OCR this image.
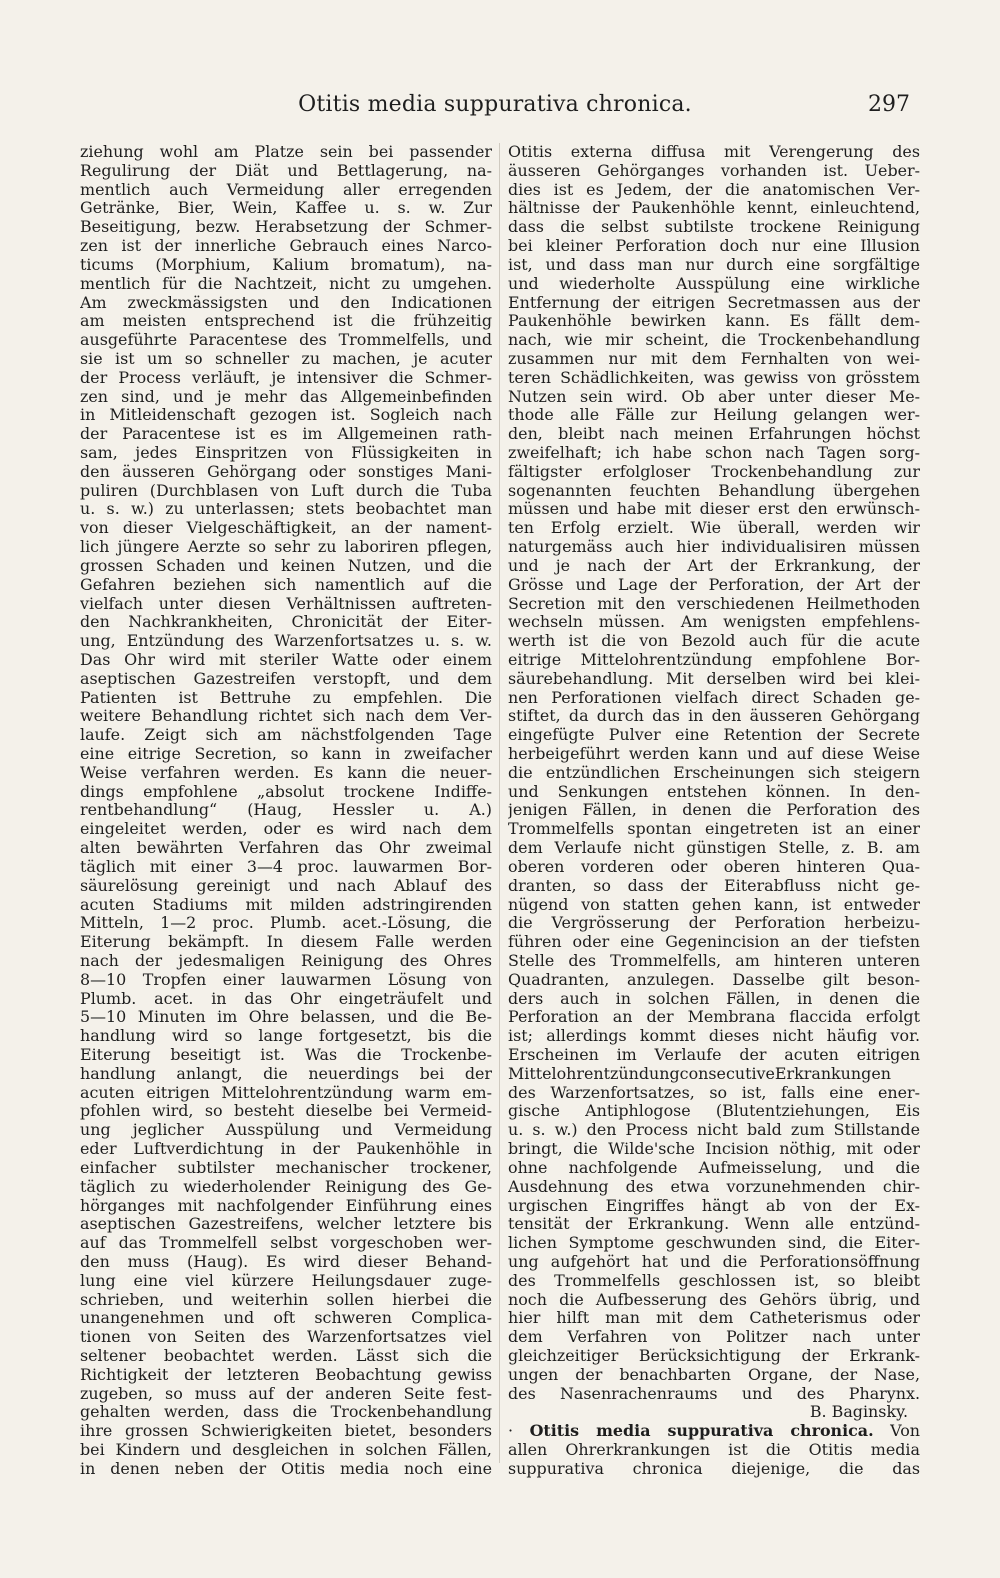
Otitis media suppurativa chronica.	297
ziehung wohl am Platze sein bei passender
Regulirung der Diät und Bettlagerung, na-
mentlich auch Vermeidung aller erregenden
Getränke, Bier, Wein, Kaffee u. s. w. Zur
Beseitigung, bezw. Herabsetzung der Schmer-
zen ist der innerliche Gebrauch eines Narco-
ticums (Morphium, Kalium bromatum), na-
mentlich für die Nachtzeit, nicht zu umgehen.
Am zweckmässigsten und den Indicationen
am meisten entsprechend ist die frühzeitig
ausgeführte Paracentese des Trommelfells, und
sie ist um so schneller zu machen, je acuter
der Process verläuft, je intensiver die Schmer-
zen sind, und je mehr das Allgemeinbefinden
in Mitleidenschaft gezogen ist. Sogleich nach
der Paracentese ist es im Allgemeinen rath-
sam, jedes Einspritzen von Flüssigkeiten in
den äusseren Gehörgang oder sonstiges Mani-
puliren (Durchblasen von Luft durch die Tuba
u. s. w.) zu unterlassen; stets beobachtet man
von dieser Vielgeschäftigkeit, an der nament-
lich jüngere Aerzte so sehr zu laboriren pflegen,
grossen Schaden und keinen Nutzen, und die
Gefahren beziehen sich namentlich auf die
vielfach unter diesen Verhältnissen auftreten-
den Nachkrankheiten, Chronicität der Eiter-
ung, Entzündung des Warzenfortsatzes u. s. w.
Das Ohr wird mit steriler Watte oder einem
aseptischen Gazestreifen verstopft, und dem
Patienten ist Bettruhe zu empfehlen. Die
weitere Behandlung richtet sich nach dem Ver-
laufe. Zeigt sich am nächstfolgenden Tage
eine eitrige Secretion, so kann in zweifacher
Weise verfahren werden. Es kann die neuer-
dings empfohlene „absolut trockene Indiffe-
rentbehandlung“ (Haug, Hessler u. A.)
eingeleitet werden, oder es wird nach dem
alten bewährten Verfahren das Ohr zweimal
täglich mit einer 3—4 proc. lauwarmen Bor-
säurelösung gereinigt und nach Ablauf des
acuten Stadiums mit milden adstringirenden
Mitteln, 1—2 proc. Plumb. acet.-Lösung, die
Eiterung bekämpft. In diesem Falle werden
nach der jedesmaligen Reinigung des Ohres
8—10 Tropfen einer lauwarmen Lösung von
Plumb. acet. in das Ohr eingeträufelt und
5—10 Minuten im Ohre belassen, und die Be-
handlung wird so lange fortgesetzt, bis die
Eiterung beseitigt ist. Was die Trockenbe-
handlung anlangt, die neuerdings bei der
acuten eitrigen Mittelohrentzündung warm em-
pfohlen wird, so besteht dieselbe bei Vermeid-
ung jeglicher Ausspülung und Vermeidung
eder Luftverdichtung in der Paukenhöhle in
einfacher subtilster mechanischer trockener,
täglich zu wiederholender Reinigung des Ge-
hörganges mit nachfolgender Einführung eines
aseptischen Gazestreifens, welcher letztere bis
auf das Trommelfell selbst vorgeschoben wer-
den muss (Haug). Es wird dieser Behand-
lung eine viel kürzere Heilungsdauer zuge-
schrieben, und weiterhin sollen hierbei die
unangenehmen und oft schweren Complica-
tionen von Seiten des Warzenfortsatzes viel
seltener beobachtet werden. Lässt sich die
Richtigkeit der letzteren Beobachtung gewiss
zugeben, so muss auf der anderen Seite fest-
gehalten werden, dass die Trockenbehandlung
ihre grossen Schwierigkeiten bietet, besonders
bei Kindern und desgleichen in solchen Fällen,
in denen neben der Otitis media noch eine
Otitis externa diffusa mit Verengerung des
äusseren Gehörganges vorhanden ist. Ueber-
dies ist es Jedem, der die anatomischen Ver-
hältnisse der Paukenhöhle kennt, einleuchtend,
dass die selbst subtilste trockene Reinigung
bei kleiner Perforation doch nur eine Illusion
ist, und dass man nur durch eine sorgfältige
und wiederholte Ausspülung eine wirkliche
Entfernung der eitrigen Secretmassen aus der
Paukenhöhle bewirken kann. Es fällt dem-
nach, wie mir scheint, die Trockenbehandlung
zusammen nur mit dem Fernhalten von wei-
teren Schädlichkeiten, was gewiss von grösstem
Nutzen sein wird. Ob aber unter dieser Me-
thode alle Fälle zur Heilung gelangen wer-
den, bleibt nach meinen Erfahrungen höchst
zweifelhaft; ich habe schon nach Tagen sorg-
fältigster erfolgloser Trockenbehandlung zur
sogenannten feuchten Behandlung übergehen
müssen und habe mit dieser erst den erwünsch-
ten Erfolg erzielt. Wie überall, werden wir
naturgemäss auch hier individualisiren müssen
und je nach der Art der Erkrankung, der
Grösse und Lage der Perforation, der Art der
Secretion mit den verschiedenen Heilmethoden
wechseln müssen. Am wenigsten empfehlens-
werth ist die von Bezold auch für die acute
eitrige Mittelohrentzündung empfohlene Bor-
säurebehandlung. Mit derselben wird bei klei-
nen Perforationen vielfach direct Schaden ge-
stiftet, da durch das in den äusseren Gehörgang
eingefügte Pulver eine Retention der Secrete
herbeigeführt werden kann und auf diese Weise
die entzündlichen Erscheinungen sich steigern
und Senkungen entstehen können. In den-
jenigen Fällen, in denen die Perforation des
Trommelfells spontan eingetreten ist an einer
dem Verlaufe nicht günstigen Stelle, z. B. am
oberen vorderen oder oberen hinteren Qua-
dranten, so dass der Eiterabfluss nicht ge-
nügend von statten gehen kann, ist entweder
die Vergrösserung der Perforation herbeizu-
führen oder eine Gegenincision an der tiefsten
Stelle des Trommelfells, am hinteren unteren
Quadranten, anzulegen. Dasselbe gilt beson-
ders auch in solchen Fällen, in denen die
Perforation an der Membrana flaccida erfolgt
ist; allerdings kommt dieses nicht häufig vor.
Erscheinen im Verlaufe der acuten eitrigen
MittelohrentzündungconsecutiveErkrankungen
des Warzenfortsatzes, so ist, falls eine ener-
gische Antiphlogose (Blutentziehungen, Eis
u. s. w.) den Process nicht bald zum Stillstande
bringt, die Wilde'sche Incision nöthig, mit oder
ohne nachfolgende Aufmeisselung, und die
Ausdehnung des etwa vorzunehmenden chir-
urgischen Eingriffes hängt ab von der Ex-
tensität der Erkrankung. Wenn alle entzünd-
lichen Symptome geschwunden sind, die Eiter-
ung aufgehört hat und die Perforationsöffnung
des Trommelfells geschlossen ist, so bleibt
noch die Aufbesserung des Gehörs übrig, und
hier hilft man mit dem Catheterismus oder
dem Verfahren von Politzer nach unter
gleichzeitiger Berücksichtigung der Erkrank-
ungen der benachbarten Organe, der Nase,
des Nasenrachenraums und des Pharynx.
B. Baginsky.
· Otitis media suppurativa chronica. Von
allen Ohrerkrankungen ist die Otitis media
suppurativa chronica diejenige, die das
